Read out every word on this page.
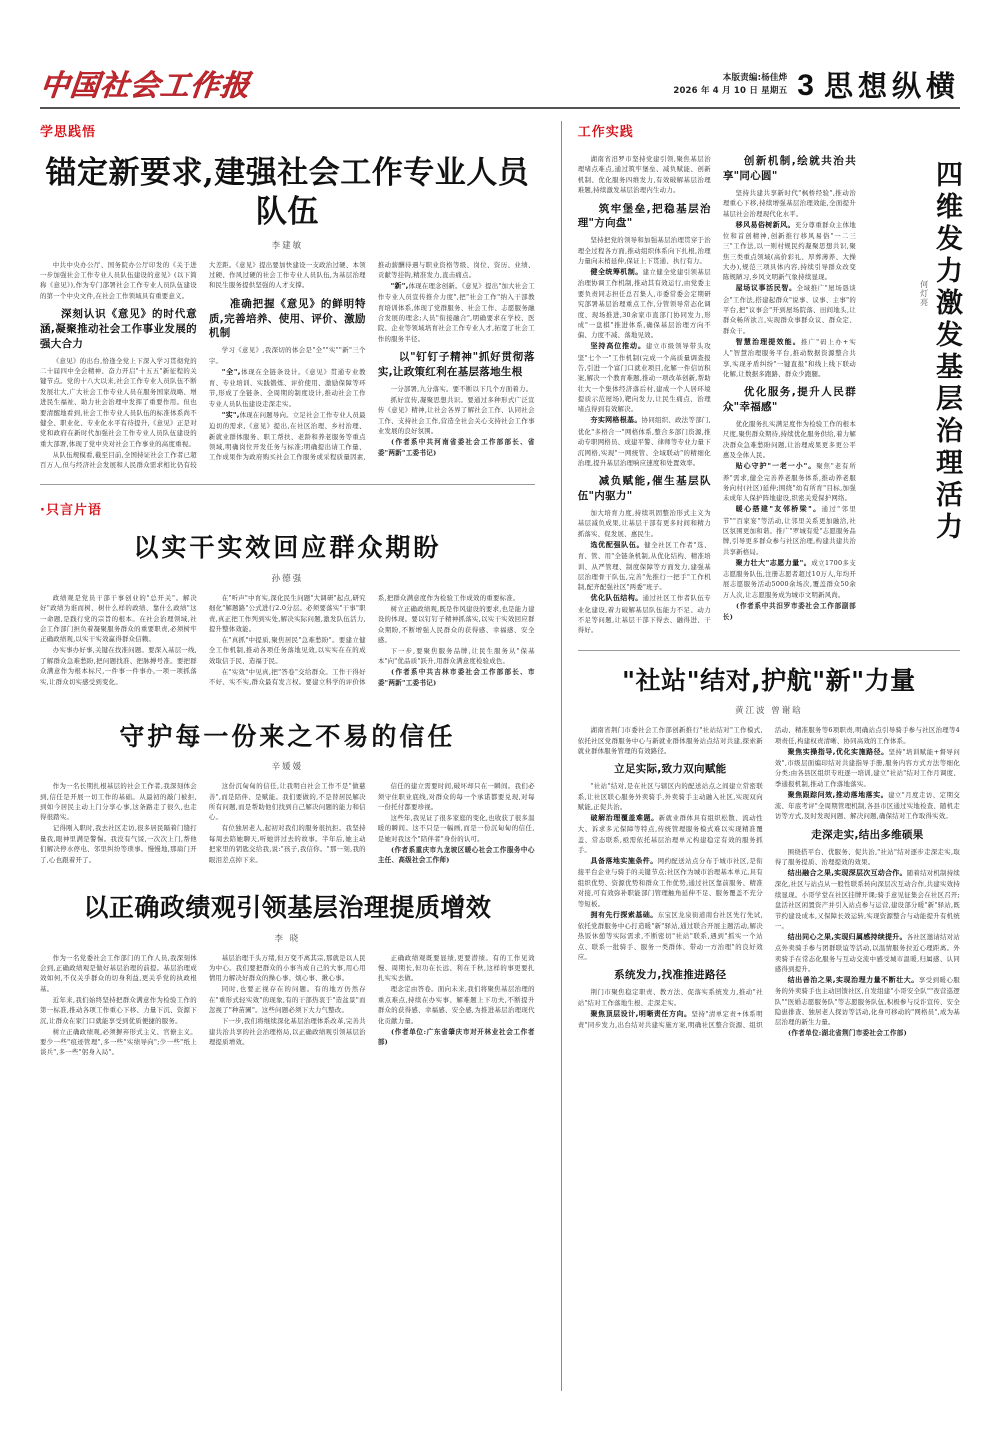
中国社会工作报	本版责编:杨佳烨
2026 年 4 月 10 日 星期五 3 思想纵横
学思践悟
锚定新要求,建强社会工作专业人员队伍
李建敏

中共中央办公厅、国务院办公厅印发的《关于进一步加强社会工作专业人员队伍建设的意见》(以下简称《意见》),作为专门部署社会工作专业人员队伍建设的第一个中央文件,在社会工作领域具有重要意义。

深刻认识《意见》的时代意涵,凝聚推动社会工作事业发展的强大合力

《意见》的出台,恰逢全党上下深入学习贯彻党的二十届四中全会精神、奋力开启"十五五"新征程的关键节点。党的十八大以来,社会工作专业人员队伍不断发展壮大,广大社会工作专业人员在服务国家战略、增进民生福祉、助力社会治理中发挥了重要作用。但也要清醒地看到,社会工作专业人员队伍的标准体系尚不健全、职业化、专业化水平有待提升,《意见》正是对党和政府在新时代加强社会工作专业人员队伍建设的重大部署,体现了党中央对社会工作事业的高度重视。

从队伍规模看,截至目前,全国持证社会工作者已超百万人,但与经济社会发展和人民群众需求相比仍有较大差距。《意见》提出要加快建设一支政治过硬、本领过硬、作风过硬的社会工作专业人员队伍,为基层治理和民生服务提供坚强的人才支撑。

准确把握《意见》的鲜明特质,完善培养、使用、评价、激励机制

学习《意见》,我深切的体会是"全""实""新"三个字。

"全",体现在全链条设计。《意见》贯通专业教育、专业培训、实践锻炼、评价使用、激励保障等环节,形成了全链条、全周期的制度设计,推动社会工作专业人员队伍建设走深走实。

"实",体现在问题导向。立足社会工作专业人员最迫切的需求,《意见》提出,在社区治理、乡村治理、新就业群体服务、职工帮扶、老龄和养老服务等重点领域,明确岗位开发任务与标准;明确提出请工作量、工作成果作为政府购买社会工作服务或采程质量因素,推动薪酬待遇与职业资格等级、岗位、资历、业绩、贡献等挂钩,精准发力,直击痛点。

"新",体现在理念创新。《意见》提出"加大社会工作专业人员宣传推介力度",把"社会工作"纳入干部教育培训体系,体现了党群服务、社会工作、志愿服务融合发展的理念;人员"衔接融合",明确要求在学校、医院、企业等领域培育社会工作专业人才,拓宽了社会工作的服务半径。

以"钉钉子精神"抓好贯彻落实,让政策红利在基层落地生根

一分部署,九分落实。要不断以下几个方面着力。

抓好宣传,凝聚思想共识。要通过多种形式广泛宣传《意见》精神,让社会各界了解社会工作、认同社会工作、支持社会工作,营造全社会关心支持社会工作事业发展的良好氛围。

(作者系中共河南省委社会工作部部长、省委"两新"工委书记)

·只言片语
以实干实效回应群众期盼
孙德强

政绩观是党员干部干事创业的"总开关"。解决好"政绩为谁而树、树什么样的政绩、靠什么政绩"这一命题,是践行党的宗旨的根本。在社会治理领域,社会工作部门担负着凝聚服务群众的重要职责,必须树牢正确政绩观,以实干实效赢得群众信赖。

办实事办好事,关键在找准问题。要深入基层一线,了解群众急难愁盼,把问题找准、把脉搏号准。要把群众满意作为根本标尺,一件事一件事办,一项一项抓落实,让群众切实感受到变化。

在"听声"中育实,深化民生问题"大调研"起点,研究细化"解题路"公式进行2.0分层。必须要落实"干事"职责,真正把工作列到实处,解决实际问题,激发队伍活力,提升整体效能。

在"真抓"中提质,聚焦居民"急难愁盼"。要建立健全工作机制,推动各项任务落地见效,以实实在在的成效取信于民、造福于民。

在"实效"中见真,把"答卷"交给群众。工作干得好不好、实不实,群众最有发言权。要建立科学的评价体系,把群众满意度作为检验工作成效的重要标准。

树立正确政绩观,既是作风建设的要求,也是能力建设的体现。要以钉钉子精神抓落实,以实干实效回应群众期盼,不断增强人民群众的获得感、幸福感、安全感。

下一步,要聚焦服务品牌,让民生服务从"保基本"向"优品质"跃升,用群众满意度检验成色。

(作者系中共吉林市委社会工作部部长、市委"两新"工委书记)

守护每一份来之不易的信任
辛媛媛

作为一名长期扎根基层的社会工作者,我深刻体会到,信任是开展一切工作的基础。从最初的敲门被拒,到如今居民主动上门分享心事,这条路走了很久,也走得很踏实。

记得刚入职时,我去社区走访,很多居民隔着门缝打量我,眼神里满是警惕。我没有气馁,一次次上门,帮他们解决停水停电、邻里纠纷等琐事。慢慢地,那扇门开了,心也跟着开了。

这份沉甸甸的信任,让我明白社会工作不是"做慈善",而是陪伴、是赋能。我们要做的,不是替居民解决所有问题,而是帮助他们找到自己解决问题的能力和信心。

有位独居老人,起初对我们的服务很抗拒。我坚持每周去陪她聊天,听她讲过去的故事。半年后,她主动把家里的钥匙交给我,说:"孩子,我信你。"那一刻,我的眼泪差点掉下来。

信任的建立需要时间,破坏却只在一瞬间。我们必须守住职业底线,对群众的每一个承诺都要兑现,对每一份托付都要珍视。

这些年,我见证了很多家庭的变化,也收获了很多温暖的瞬间。这不只是一幅画,而是一份沉甸甸的信任,是她对我这个"陪伴者"身份的认可。

(作者系重庆市九龙坡区暖心社会工作服务中心主任、高级社会工作师)

以正确政绩观引领基层治理提质增效
李 晓

作为一名党委社会工作部门的工作人员,我深刻体会到,正确政绩观是做好基层治理的前提。基层治理成效如何,不仅关乎群众的切身利益,更关乎党的执政根基。

近年来,我们始终坚持把群众满意作为检验工作的第一标准,推动各项工作重心下移、力量下沉、资源下沉,让群众在家门口就能享受到优质便捷的服务。

树立正确政绩观,必须摒弃形式主义、官僚主义。要少一些"痕迹管理",多一些"实绩导向";少一些"纸上谈兵",多一些"躬身入局"。

基层治理千头万绪,但万变不离其宗,那就是以人民为中心。我们要把群众的小事当成自己的大事,用心用情用力解决好群众的操心事、烦心事、揪心事。

同时,也要正视存在的问题。有的地方仍然存在"重形式轻实效"的现象,有的干部热衷于"造盆景"而忽视了"种苗圃"。这些问题必须下大力气整改。

下一步,我们将继续深化基层治理体系改革,完善共建共治共享的社会治理格局,以正确政绩观引领基层治理提质增效。

正确政绩观既要显绩,更要潜绩。有的工作见效慢、周期长,但功在长远、利在千秋,这样的事更要扎扎实实去做。

理念定由答卷。面向未来,我们将聚焦基层治理的重点难点,持续在办实事、解难题上下功夫,不断提升群众的获得感、幸福感、安全感,为推进基层治理现代化贡献力量。

(作者单位:广东省肇庆市对开林业社会工作者部)

工作实践

湖南省汨罗市坚持党建引领,聚焦基层治理堵点难点,通过筑牢堡垒、减负赋能、创新机制、优化服务四维发力,有效破解基层治理难题,持续激发基层治理内生动力。

筑牢堡垒,把稳基层治理"方向盘"

坚持把党的领导和加强基层治理贯穿于治理全过程各方面,推动组织体系向下扎根,治理力量向末梢延伸,保证上下贯通、执行有力。

健全统筹机制。建立健全党建引领基层治理协调工作机制,推动其有效运行,由党委主要负责同志担任总召集人,市委常委会定期研究部署基层治理重点工作,分管领导常态化调度、现场推进,30余家市直部门协同发力,形成"一盘棋"推进体系,确保基层治理方向不偏、力度不减、落地见效。

坚持高位推动。建立市级领导带头攻坚"七个一"工作机制(完成一个高质量调查报告,引进一个富门口就业项目,化解一件信访积案,解决一个教育难题,推动一项改革创新,帮助壮大一个集体经济落后村,建成一个人居环境提质示范屋场),靶向发力,让民生痛点、治理堵点得到有效解决。

夯实网格根基。协同组织、政法等部门,优化"多格合一"网格体系,整合多部门资源,推动专职网格员、成建平警、律师等专业力量下沉网格,实现"一网统管、全域联动"的精细化治理,提升基层治理响应速度和处置效率。

减负赋能,催生基层队伍"内驱力"

加大培育力度,持续巩固整治形式主义为基层减负成果,让基层干部有更多时间和精力抓落实、促发展、惠民生。

选优配强队伍。健全社区工作者"选、育、管、用"全链条机制,从优化结构、精准培训、从严管理、制度保障等方面发力,建强基层治理骨干队伍,完善"先推行一把手"工作机制,配齐配强社区"两委"班子。

优化队伍结构。通过社区工作者队伍专业化建设,着力破解基层队伍能力不足、动力不足等问题,让基层干部下得去、融得进、干得好。

创新机制,绘就共治共享"同心圆"

坚持共建共享新时代"枫桥经验",推动治理重心下移,持续增强基层治理效能,全面提升基层社会治理现代化水平。

移风易俗树新风。充分尊重群众主体地位和首创精神,创新推行移风易俗"一二三三"工作法,以一则村规民约凝聚思想共识,聚焦三类重点领域(高价彩礼、厚葬薄养、大操大办),规范三项具体内容,持续引导群众改变陈规陋习,乡风文明新气象持续显现。

屋场议事活民智。全域推广"屋场恳谈会"工作法,搭建起群众"说事、议事、主事"的平台,把"议事会"开到屋场院落、田间地头,让群众畅所欲言,实现群众事群众议、群众定、群众干。

智慧治理提效能。推广"码上办+实人"智慧治理服务平台,推动数据资源整合共享,实现矛盾纠纷"一键直报"和线上线下联动化解,让数据多跑路、群众少跑腿。

优化服务,提升人民群众"幸福感"

优化服务扎实满足度作为检验工作的根本尺度,聚焦群众期待,持续优化服务供给,着力解决群众急难愁盼问题,让治理成果更多更公平惠及全体人民。

贴心守护"一老一小"。聚焦"老有所养"需求,健全完善养老服务体系,推动养老服务向村(社区)延伸;围绕"幼有所育"目标,加强未成年人保护阵地建设,织密关爱保护网络。

暖心搭建"友邻桥梁"。通过"邻里节""百家宴"等活动,让邻里关系更加融洽,社区氛围更加和谐。推广"罗城有爱"志愿服务品牌,引导更多群众参与社区治理,构建共建共治共享新格局。

聚力壮大"志愿力量"。成立1700多支志愿服务队伍,注册志愿者超过10万人,年均开展志愿服务活动5000余场次,覆盖群众50余万人次,让志愿服务成为城市文明新风尚。

(作者系中共汨罗市委社会工作部副部长)

四维发力激发基层治理活力
何灯亮
"社站"结对,护航"新"力量
黄江波 曾谢晗

湖南省荆门市委社会工作部创新推行"社站结对"工作模式,依托社区党群服务中心与新就业群体服务站点结对共建,探索新就业群体服务管理的有效路径。

立足实际,致力双向赋能

"社站"结对,是在社区与辖区内的配送站点之间建立常密联系,让社区联心服务外卖骑手,外卖骑手主动融入社区,实现双向赋能,正促共治。

破解治理覆盖难题。新就业群体具有组织松散、流动性大、诉求多元保障等特点,传统管理服务模式难以实现精准覆盖、常态联系,亟需依托基层治理单元构建稳定有效的服务抓手。

具备落地实施条件。网约配送站点分布于城市社区,是衔接平台企业与骑手的关键节点;社区作为城市治理基本单元,具有组织优势、资源优势和群众工作优势,通过社区靠前服务、精准对接,可有效弥补职能部门管理触角延伸不足、服务覆盖不充分等短板。

拥有先行探索基础。东宝区龙泉街道南台社区先行先试,依托党群服务中心打造暖"新"驿站,通过联合开展主题活动,解决热饭休憩等实际需求,不断密切"社站"联系,遇到"抓实一个站点、联系一批骑手、服务一类群体、带动一方治理"的良好效应。

系统发力,找准推进路径

荆门市聚焦稳定职责、教方法、促落实系统发力,推动"社站"结对工作落地生根、走深走实。

聚焦顶层设计,明晰责任方向。坚持"清单定责+体系明责"同步发力,出台结对共建实施方案,明确社区整合资源、组织活动、精准服务等6项职责,明确站点引导骑手参与社区治理等4项责任,构建权责清晰、协同高效的工作体系。

聚焦实操指导,优化实施路径。坚持"培训赋能+督导问效",市级层面编印结对共建指导手册,服务内容方式方法等细化分类;由各县区组织专班逐一培训,建立"社站"结对工作月调度、季通报机制,推动工作落地落实。

聚焦跟踪问效,推动落地落实。建立"月度走访、定期交流、年底考评"全周期管理机制,各县市区通过实地检查、随机走访等方式,及时发现问题、解决问题,确保结对工作取得实效。

走深走实,结出多维硕果

围绕搭平台、优服务、促共治,"社站"结对逐步走深走实,取得了服务提质、治理提效的效果。

结出融合之果,实现深层次互动合作。随着结对机制持续深化,社区与站点从一般性联系转向深层次互动合作,共建实效持续显现。小哥学堂在社区挂牌开课;骑手意见征集会在社区召开;盘活社区闲置资产并引入站点参与运营,建设部分暖"新"驿站,既节约建设成本,又保障长效运转,实现资源整合与动能提升有机统一。

结出同心之果,实现归属感持续提升。各社区邀请结对站点外卖骑手参与团群联谊等活动,以温情服务拉近心理距离。外卖骑手在常态化服务与互动交流中感受城市温暖,归属感、认同感得到提升。

结出善治之果,实现治理力量不断壮大。享受到暖心服务的外卖骑手也主动回馈社区,自发组建"小哥安全队""夜营巡逻队""医婚志愿服务队"等志愿服务队伍,积极参与反诈宣传、安全隐患排查、独居老人探访等活动,化身可移动的"网格员",成为基层治理的新生力量。

(作者单位:湖北省荆门市委社会工作部)
